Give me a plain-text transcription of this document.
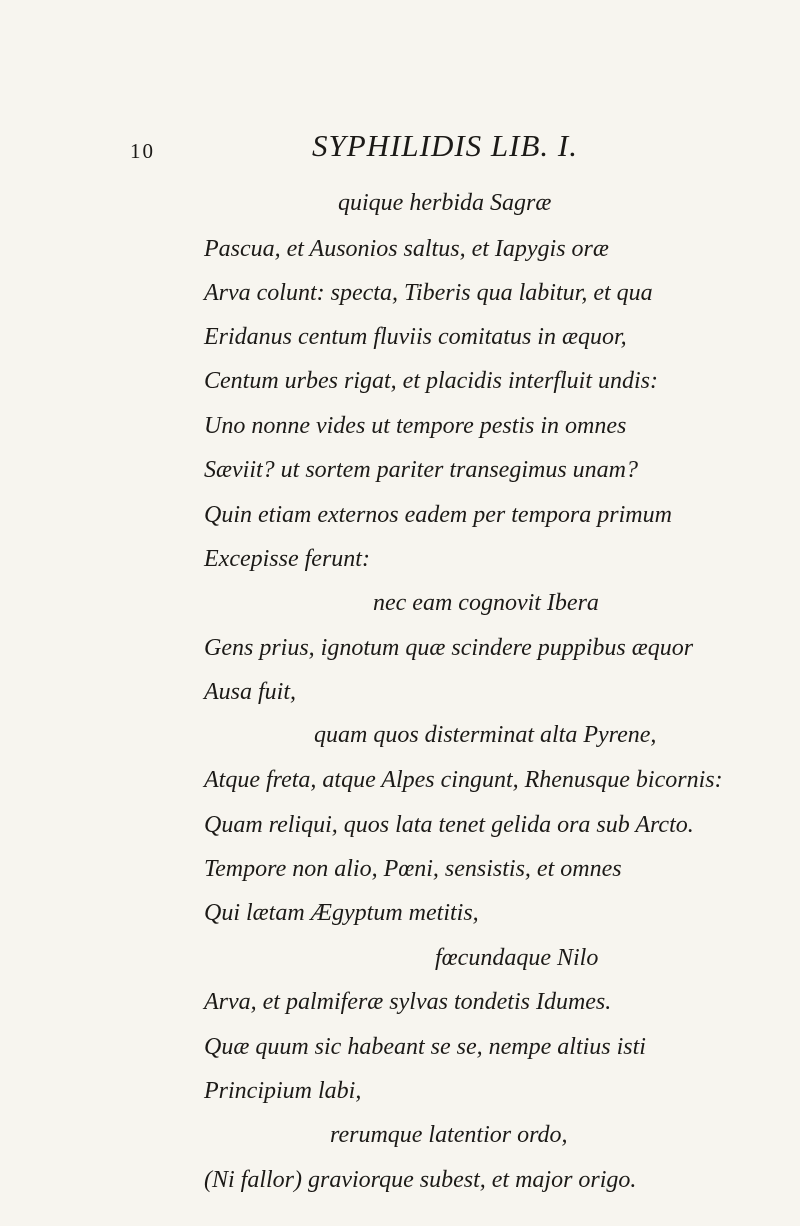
10	SYPHILIDIS LIB. I.
quique herbida Sagræ
Pascua, et Ausonios saltus, et Iapygis oræ
Arva colunt: specta, Tiberis qua labitur, et qua
Eridanus centum fluviis comitatus in æquor,
Centum urbes rigat, et placidis interfluit undis:
Uno nonne vides ut tempore pestis in omnes
Sæviit? ut sortem pariter transegimus unam?
Quin etiam externos eadem per tempora primum
Excepisse ferunt:
nec eam cognovit Ibera
Gens prius, ignotum quæ scindere puppibus æquor
Ausa fuit,
quam quos disterminat alta Pyrene,
Atque freta, atque Alpes cingunt, Rhenusque bicornis:
Quam reliqui, quos lata tenet gelida ora sub Arcto.
Tempore non alio, Pœni, sensistis, et omnes
Qui lætam Ægyptum metitis,
fœcundaque Nilo
Arva, et palmiferæ sylvas tondetis Idumes.
Quæ quum sic habeant se se, nempe altius isti
Principium labi,
rerumque latentior ordo,
(Ni fallor) graviorque subest, et major origo.
